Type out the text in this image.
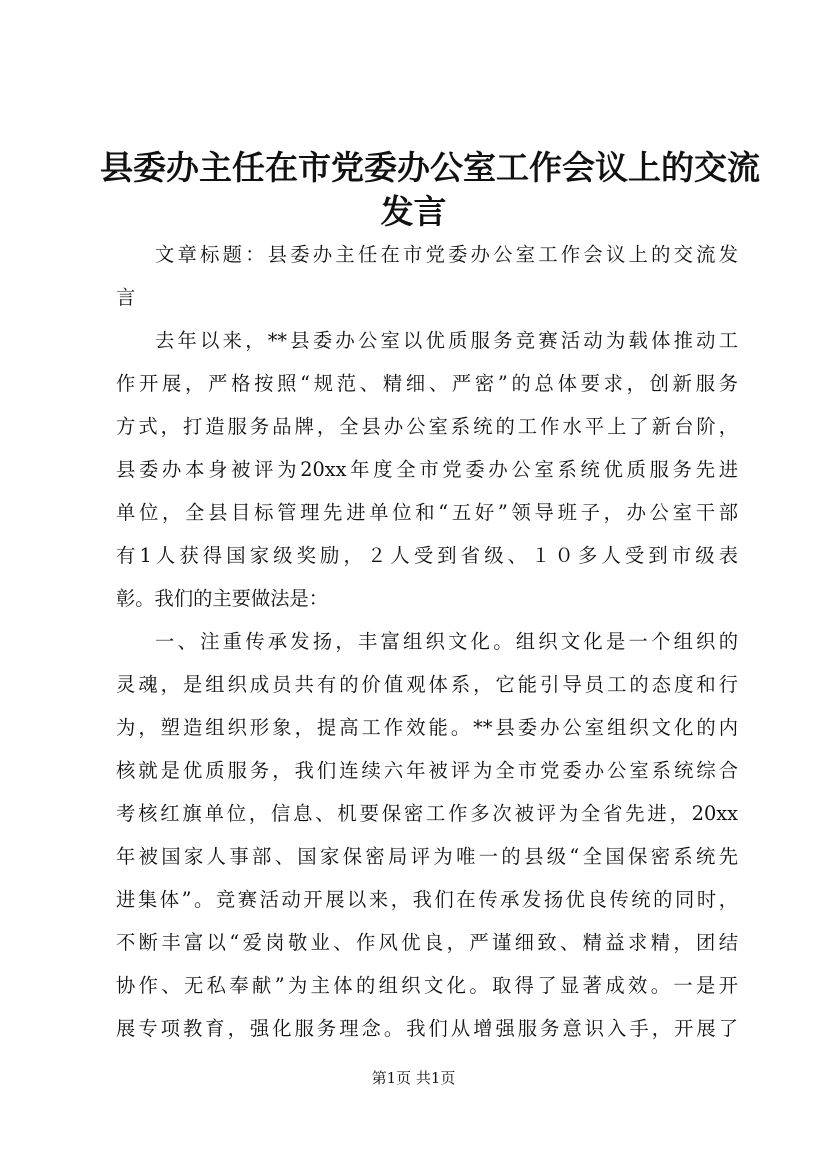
县委办主任在市党委办公室工作会议上的交流
发言
文章标题：县委办主任在市党委办公室工作会议上的交流发
言
去年以来，**县委办公室以优质服务竞赛活动为载体推动工
作开展，严格按照“规范、精细、严密”的总体要求，创新服务
方式，打造服务品牌，全县办公室系统的工作水平上了新台阶，
县委办本身被评为20xx年度全市党委办公室系统优质服务先进
单位，全县目标管理先进单位和“五好”领导班子，办公室干部
有1人获得国家级奖励，２人受到省级、１０多人受到市级表
彰。我们的主要做法是：
一、注重传承发扬，丰富组织文化。组织文化是一个组织的
灵魂，是组织成员共有的价值观体系，它能引导员工的态度和行
为，塑造组织形象，提高工作效能。**县委办公室组织文化的内
核就是优质服务，我们连续六年被评为全市党委办公室系统综合
考核红旗单位，信息、机要保密工作多次被评为全省先进，20xx
年被国家人事部、国家保密局评为唯一的县级“全国保密系统先
进集体”。竞赛活动开展以来，我们在传承发扬优良传统的同时，
不断丰富以“爱岗敬业、作风优良，严谨细致、精益求精，团结
协作、无私奉献”为主体的组织文化。取得了显著成效。一是开
展专项教育，强化服务理念。我们从增强服务意识入手，开展了
第1页 共1页
